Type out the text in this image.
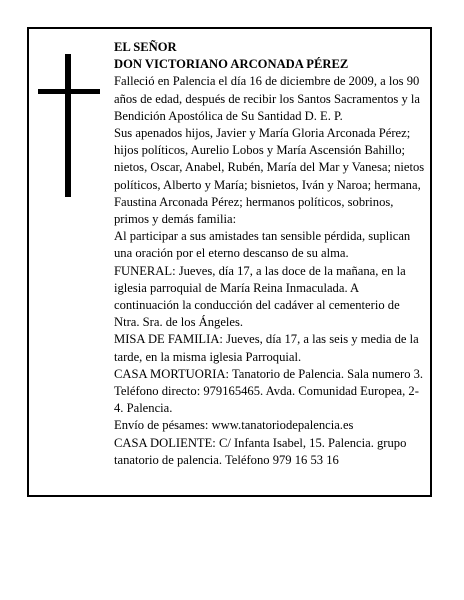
EL SEÑOR

DON VICTORIANO ARCONADA PÉREZ

Falleció en Palencia el día 16 de diciembre de 2009, a los 90 años de edad, después de recibir los Santos Sacramentos y la Bendición Apostólica de Su Santidad D. E. P.

Sus apenados hijos, Javier y María Gloria Arconada Pérez; hijos políticos, Aurelio Lobos y María Ascensión Bahillo; nietos, Oscar, Anabel, Rubén, María del Mar y Vanesa; nietos políticos, Alberto y María; bisnietos, Iván y Naroa; hermana, Faustina Arconada Pérez; hermanos políticos, sobrinos, primos y demás familia:

Al participar a sus amistades tan sensible pérdida, suplican una oración por el eterno descanso de su alma.

FUNERAL: Jueves, día 17, a las doce de la mañana, en la iglesia parroquial de María Reina Inmaculada. A continuación la conducción del cadáver al cementerio de Ntra. Sra. de los Ángeles.

MISA DE FAMILIA: Jueves, día 17, a las seis y media de la tarde, en la misma iglesia Parroquial.

CASA MORTUORIA: Tanatorio de Palencia. Sala numero 3. Teléfono directo: 979165465. Avda. Comunidad Europea, 2-4. Palencia.

Envío de pésames: www.tanatoriodepalencia.es

CASA DOLIENTE: C/ Infanta Isabel, 15. Palencia. grupo tanatorio de palencia. Teléfono 979 16 53 16
